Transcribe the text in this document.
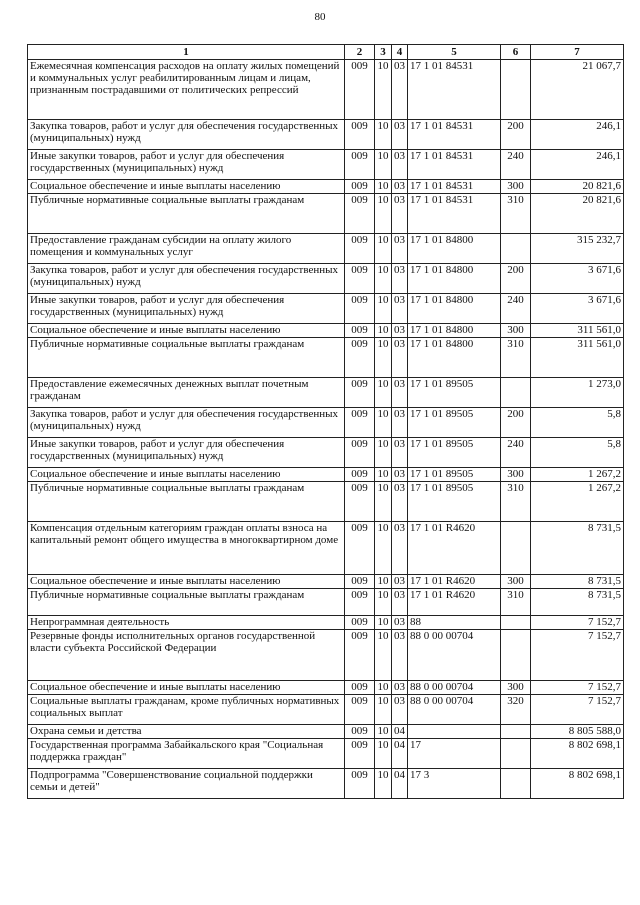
80
1	2	3	4	5	6	7
Ежемесячная компенсация расходов на оплату жилых помещений и коммунальных услуг реабилитированным лицам и лицам, признанным пострадавшими от политических репрессий	009	10	03	17 1 01 84531		21 067,7
Закупка товаров, работ и услуг для обеспечения государственных (муниципальных) нужд	009	10	03	17 1 01 84531	200	246,1
Иные закупки товаров, работ и услуг для обеспечения государственных (муниципальных) нужд	009	10	03	17 1 01 84531	240	246,1
Социальное обеспечение и иные выплаты населению	009	10	03	17 1 01 84531	300	20 821,6
Публичные нормативные социальные выплаты гражданам	009	10	03	17 1 01 84531	310	20 821,6
Предоставление гражданам субсидии на оплату жилого помещения и коммунальных услуг	009	10	03	17 1 01 84800		315 232,7
Закупка товаров, работ и услуг для обеспечения государственных (муниципальных) нужд	009	10	03	17 1 01 84800	200	3 671,6
Иные закупки товаров, работ и услуг для обеспечения государственных (муниципальных) нужд	009	10	03	17 1 01 84800	240	3 671,6
Социальное обеспечение и иные выплаты населению	009	10	03	17 1 01 84800	300	311 561,0
Публичные нормативные социальные выплаты гражданам	009	10	03	17 1 01 84800	310	311 561,0
Предоставление ежемесячных денежных выплат почетным гражданам	009	10	03	17 1 01 89505		1 273,0
Закупка товаров, работ и услуг для обеспечения государственных (муниципальных) нужд	009	10	03	17 1 01 89505	200	5,8
Иные закупки товаров, работ и услуг для обеспечения государственных (муниципальных) нужд	009	10	03	17 1 01 89505	240	5,8
Социальное обеспечение и иные выплаты населению	009	10	03	17 1 01 89505	300	1 267,2
Публичные нормативные социальные выплаты гражданам	009	10	03	17 1 01 89505	310	1 267,2
Компенсация отдельным категориям граждан оплаты взноса на капитальный ремонт общего имущества в многоквартирном доме	009	10	03	17 1 01 R4620		8 731,5
Социальное обеспечение и иные выплаты населению	009	10	03	17 1 01 R4620	300	8 731,5
Публичные нормативные социальные выплаты гражданам	009	10	03	17 1 01 R4620	310	8 731,5
Непрограммная деятельность	009	10	03	88		7 152,7
Резервные фонды исполнительных органов государственной власти субъекта Российской Федерации	009	10	03	88 0 00 00704		7 152,7
Социальное обеспечение и иные выплаты населению	009	10	03	88 0 00 00704	300	7 152,7
Социальные выплаты гражданам, кроме публичных нормативных социальных выплат	009	10	03	88 0 00 00704	320	7 152,7
Охрана семьи и детства	009	10	04			8 805 588,0
Государственная программа Забайкальского края "Социальная поддержка граждан"	009	10	04	17		8 802 698,1
Подпрограмма "Совершенствование социальной поддержки семьи и детей"	009	10	04	17 3		8 802 698,1
